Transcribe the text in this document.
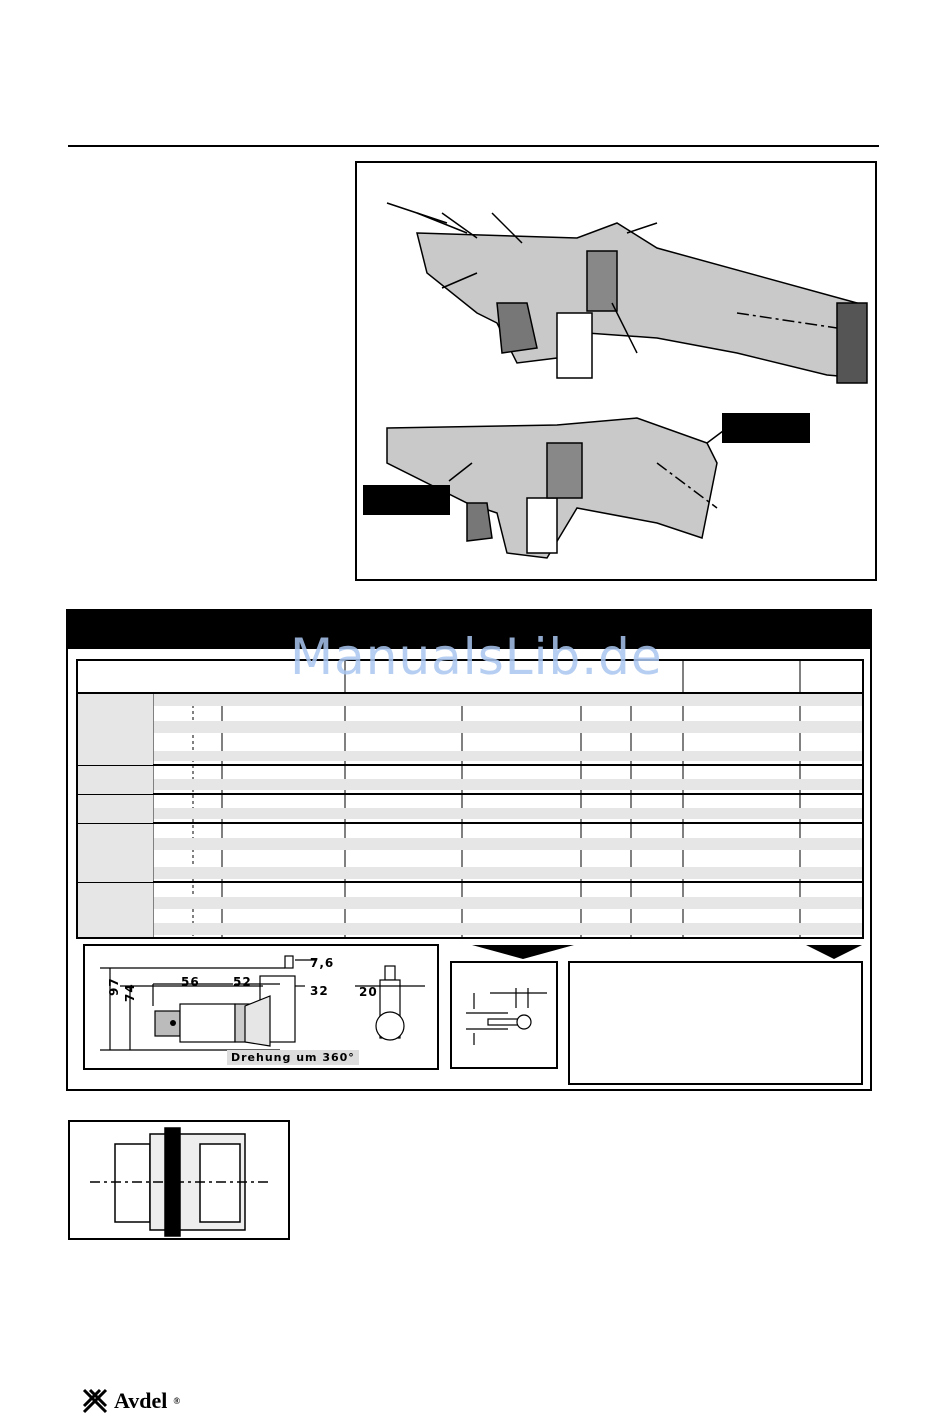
ManualsLib.de
56	52
7,6
32
97 74	20
Drehung um 360°
Avdel ®
